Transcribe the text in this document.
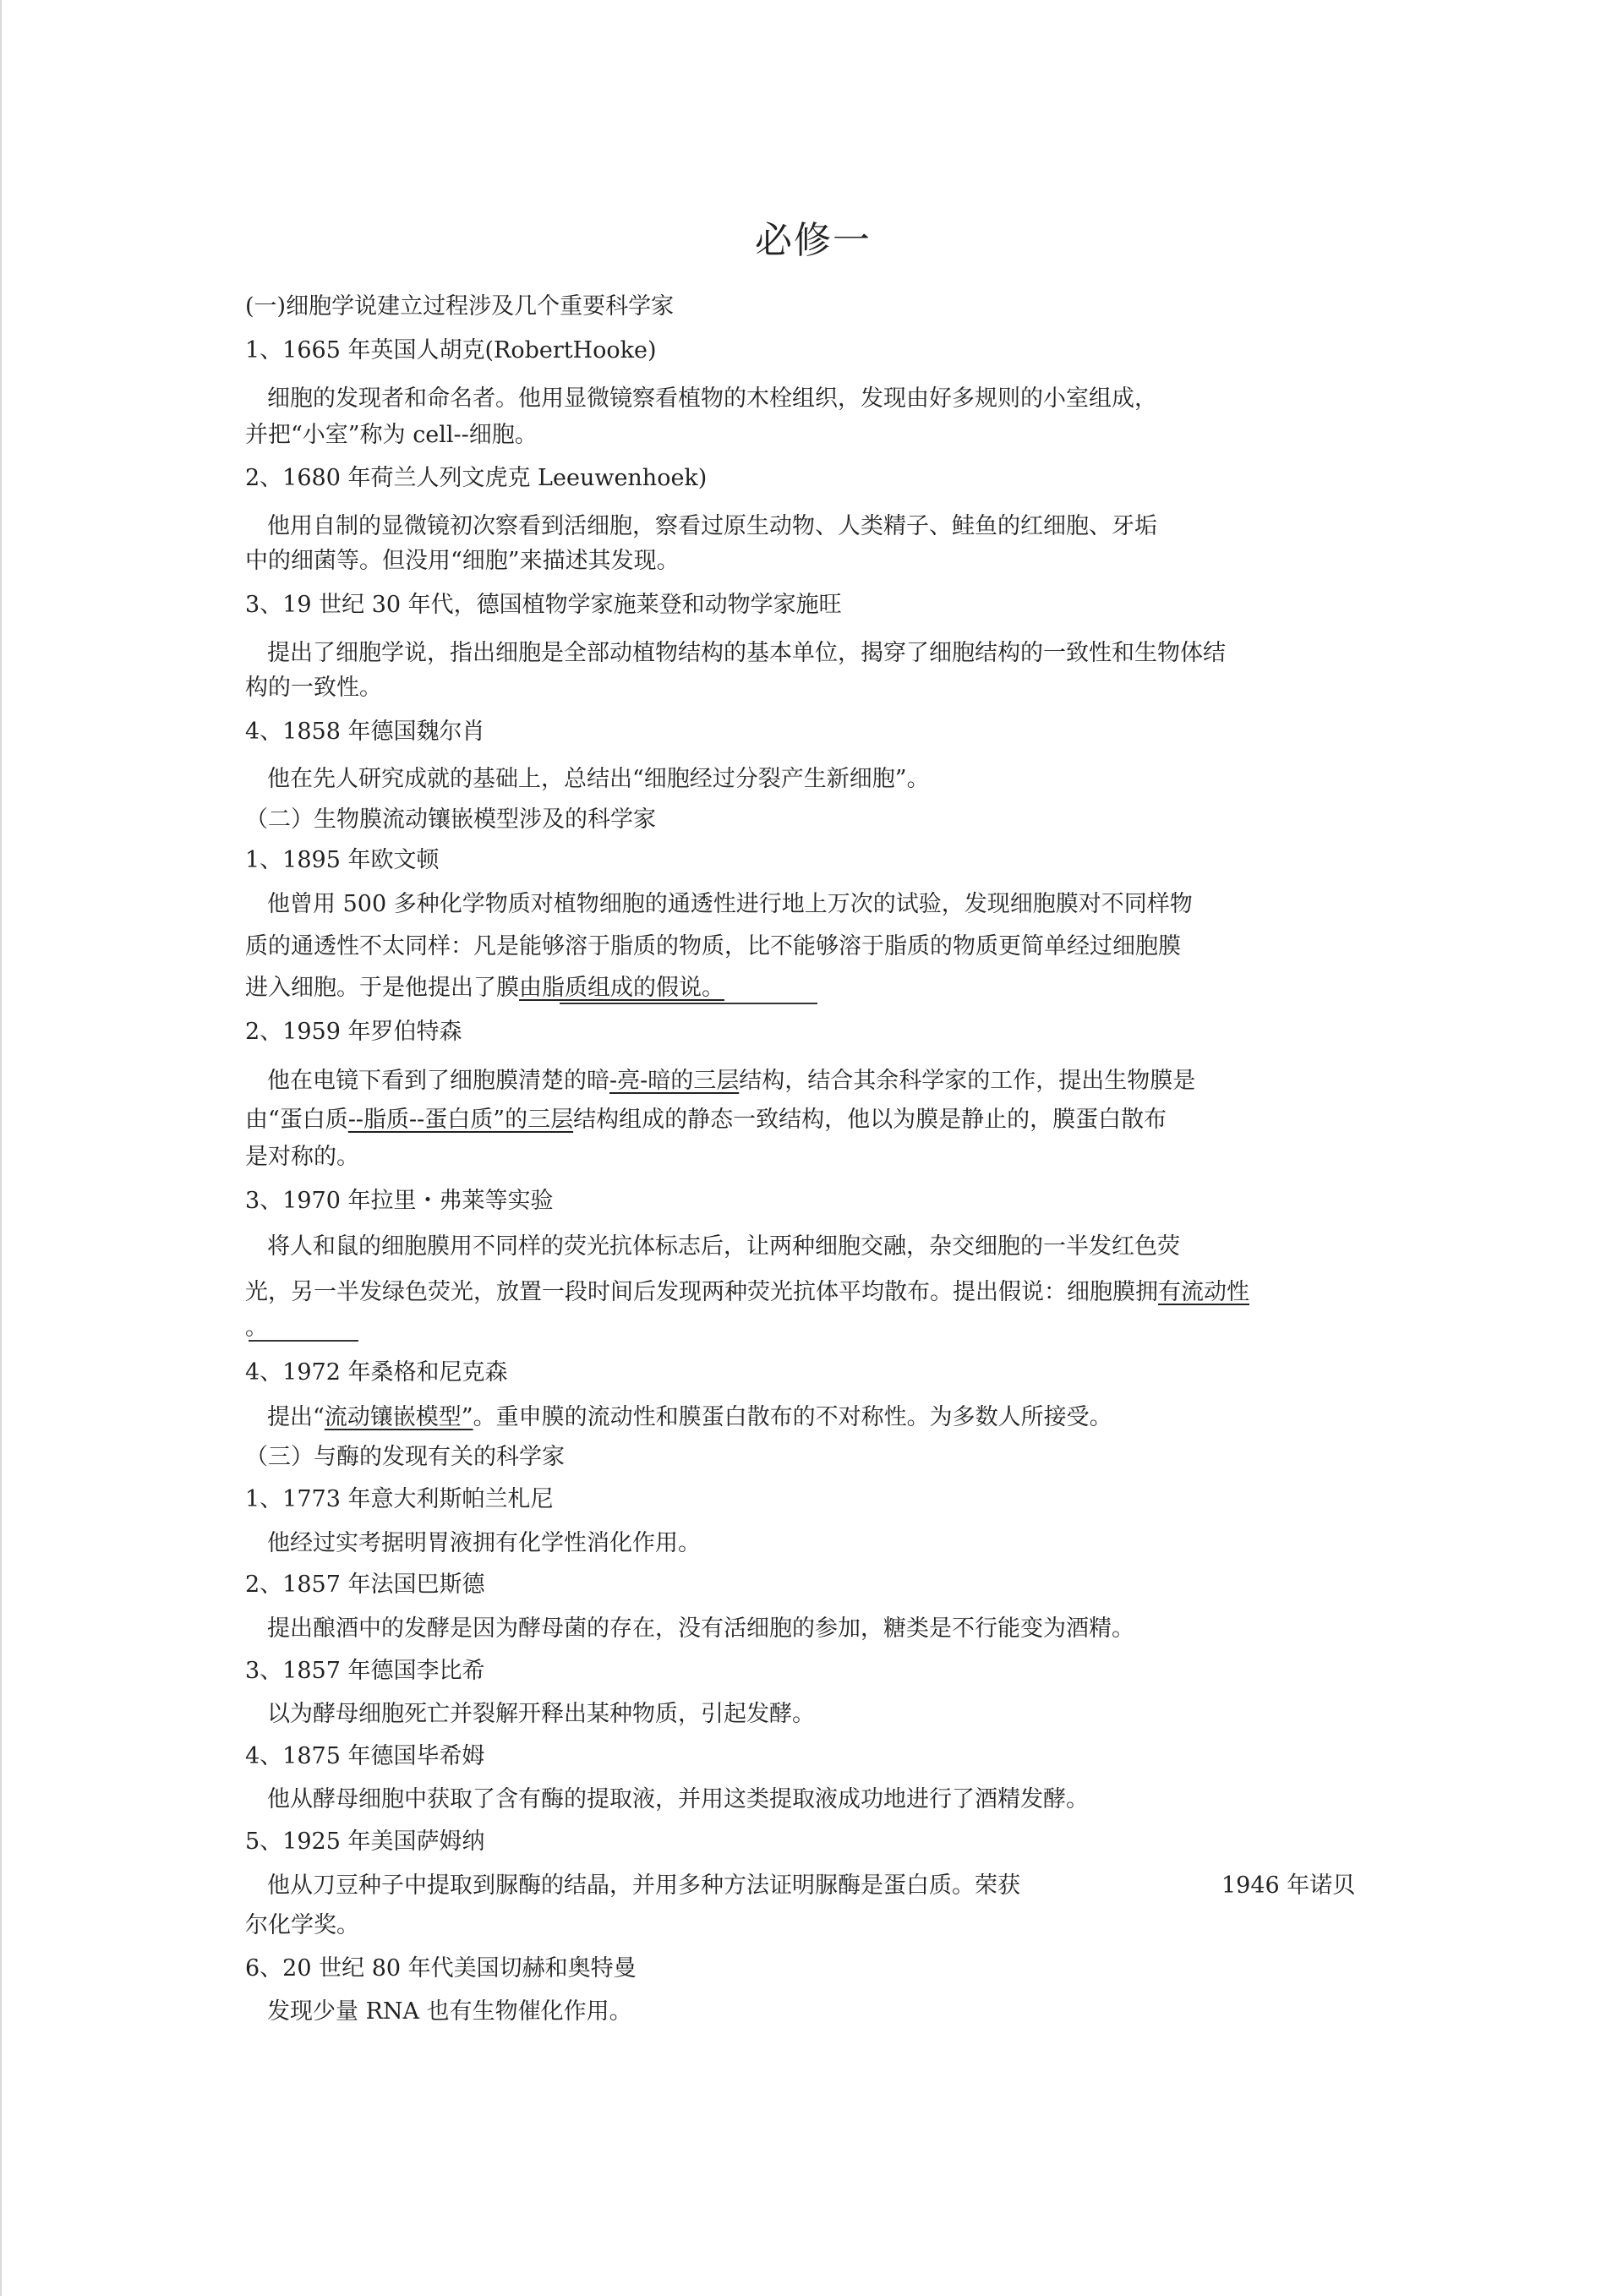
必修一
(一)细胞学说建立过程涉及几个重要科学家
1、1665 年英国人胡克(RobertHooke)
细胞的发现者和命名者。他用显微镜察看植物的木栓组织，发现由好多规则的小室组成，
并把“小室”称为 cell--细胞。
2、1680 年荷兰人列文虎克 Leeuwenhoek)
他用自制的显微镜初次察看到活细胞，察看过原生动物、人类精子、鲑鱼的红细胞、牙垢
中的细菌等。但没用“细胞”来描述其发现。
3、19 世纪 30 年代，德国植物学家施莱登和动物学家施旺
提出了细胞学说，指出细胞是全部动植物结构的基本单位，揭穿了细胞结构的一致性和生物体结
构的一致性。
4、1858 年德国魏尔肖
他在先人研究成就的基础上，总结出“细胞经过分裂产生新细胞”。
（二）生物膜流动镶嵌模型涉及的科学家
1、1895 年欧文顿
他曾用 500 多种化学物质对植物细胞的通透性进行地上万次的试验，发现细胞膜对不同样物
质的通透性不太同样：凡是能够溶于脂质的物质，比不能够溶于脂质的物质更简单经过细胞膜
进入细胞。于是他提出了膜由脂质组成的假说。
2、1959 年罗伯特森
他在电镜下看到了细胞膜清楚的暗-亮-暗的三层结构，结合其余科学家的工作，提出生物膜是
由“蛋白质--脂质--蛋白质”的三层结构组成的静态一致结构，他以为膜是静止的，膜蛋白散布
是对称的。
3、1970 年拉里・弗莱等实验
将人和鼠的细胞膜用不同样的荧光抗体标志后，让两种细胞交融，杂交细胞的一半发红色荧
光，另一半发绿色荧光，放置一段时间后发现两种荧光抗体平均散布。提出假说：细胞膜拥有流动性
。
4、1972 年桑格和尼克森
提出“流动镶嵌模型”。重申膜的流动性和膜蛋白散布的不对称性。为多数人所接受。
（三）与酶的发现有关的科学家
1、1773 年意大利斯帕兰札尼
他经过实考据明胃液拥有化学性消化作用。
2、1857 年法国巴斯德
提出酿酒中的发酵是因为酵母菌的存在，没有活细胞的参加，糖类是不行能变为酒精。
3、1857 年德国李比希
以为酵母细胞死亡并裂解开释出某种物质，引起发酵。
4、1875 年德国毕希姆
他从酵母细胞中获取了含有酶的提取液，并用这类提取液成功地进行了酒精发酵。
5、1925 年美国萨姆纳
他从刀豆种子中提取到脲酶的结晶，并用多种方法证明脲酶是蛋白质。荣获	1946 年诺贝
尔化学奖。
6、20 世纪 80 年代美国切赫和奥特曼
发现少量 RNA 也有生物催化作用。
